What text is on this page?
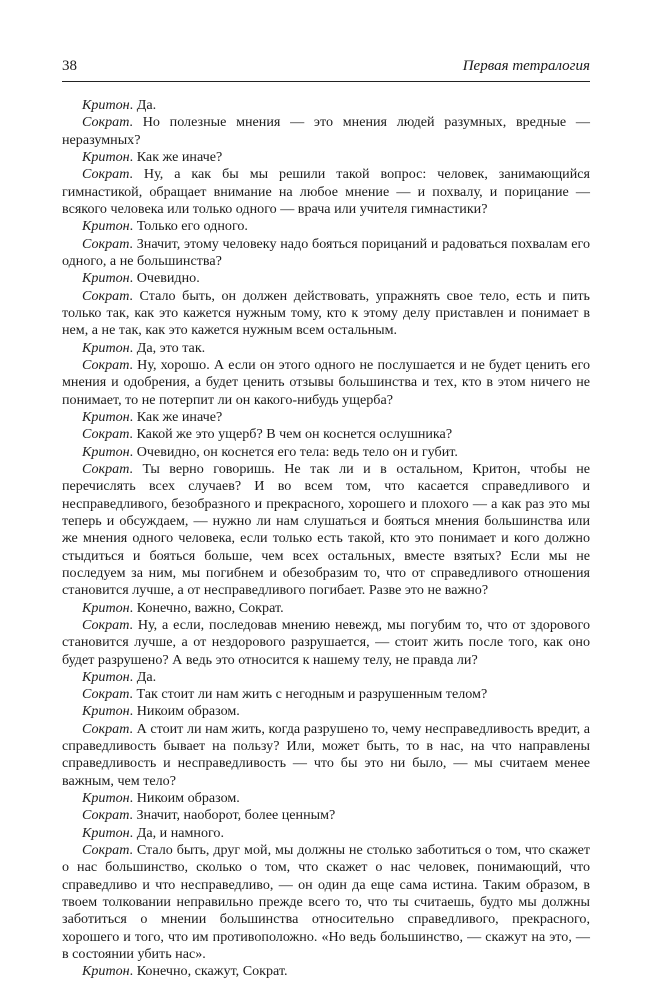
38	Первая тетралогия

Критон. Да.

Сократ. Но полезные мнения — это мнения людей разумных, вредные — неразумных?

Критон. Как же иначе?

Сократ. Ну, а как бы мы решили такой вопрос: человек, занимающийся гимнастикой, обращает внимание на любое мнение — и похвалу, и порицание — всякого человека или только одного — врача или учителя гимнастики?

Критон. Только его одного.

Сократ. Значит, этому человеку надо бояться порицаний и радоваться похвалам его одного, а не большинства?

Критон. Очевидно.

Сократ. Стало быть, он должен действовать, упражнять свое тело, есть и пить только так, как это кажется нужным тому, кто к этому делу приставлен и понимает в нем, а не так, как это кажется нужным всем остальным.

Критон. Да, это так.

Сократ. Ну, хорошо. А если он этого одного не послушается и не будет ценить его мнения и одобрения, а будет ценить отзывы большинства и тех, кто в этом ничего не понимает, то не потерпит ли он какого-нибудь ущерба?

Критон. Как же иначе?

Сократ. Какой же это ущерб? В чем он коснется ослушника?

Критон. Очевидно, он коснется его тела: ведь тело он и губит.

Сократ. Ты верно говоришь. Не так ли и в остальном, Критон, чтобы не перечислять всех случаев? И во всем том, что касается справедливого и несправедливого, безобразного и прекрасного, хорошего и плохого — а как раз это мы теперь и обсуждаем, — нужно ли нам слушаться и бояться мнения большинства или же мнения одного человека, если только есть такой, кто это понимает и кого должно стыдиться и бояться больше, чем всех остальных, вместе взятых? Если мы не последуем за ним, мы погибнем и обезобразим то, что от справедливого отношения становится лучше, а от несправедливого погибает. Разве это не важно?

Критон. Конечно, важно, Сократ.

Сократ. Ну, а если, последовав мнению невежд, мы погубим то, что от здорового становится лучше, а от нездорового разрушается, — стоит жить после того, как оно будет разрушено? А ведь это относится к нашему телу, не правда ли?

Критон. Да.

Сократ. Так стоит ли нам жить с негодным и разрушенным телом?

Критон. Никоим образом.

Сократ. А стоит ли нам жить, когда разрушено то, чему несправедливость вредит, а справедливость бывает на пользу? Или, может быть, то в нас, на что направлены справедливость и несправедливость — что бы это ни было, — мы считаем менее важным, чем тело?

Критон. Никоим образом.

Сократ. Значит, наоборот, более ценным?

Критон. Да, и намного.

Сократ. Стало быть, друг мой, мы должны не столько заботиться о том, что скажет о нас большинство, сколько о том, что скажет о нас человек, понимающий, что справедливо и что несправедливо, — он один да еще сама истина. Таким образом, в твоем толковании неправильно прежде всего то, что ты считаешь, будто мы должны заботиться о мнении большинства относительно справедливого, прекрасного, хорошего и того, что им противоположно. «Но ведь большинство, — скажут на это, — в состоянии убить нас».

Критон. Конечно, скажут, Сократ.
